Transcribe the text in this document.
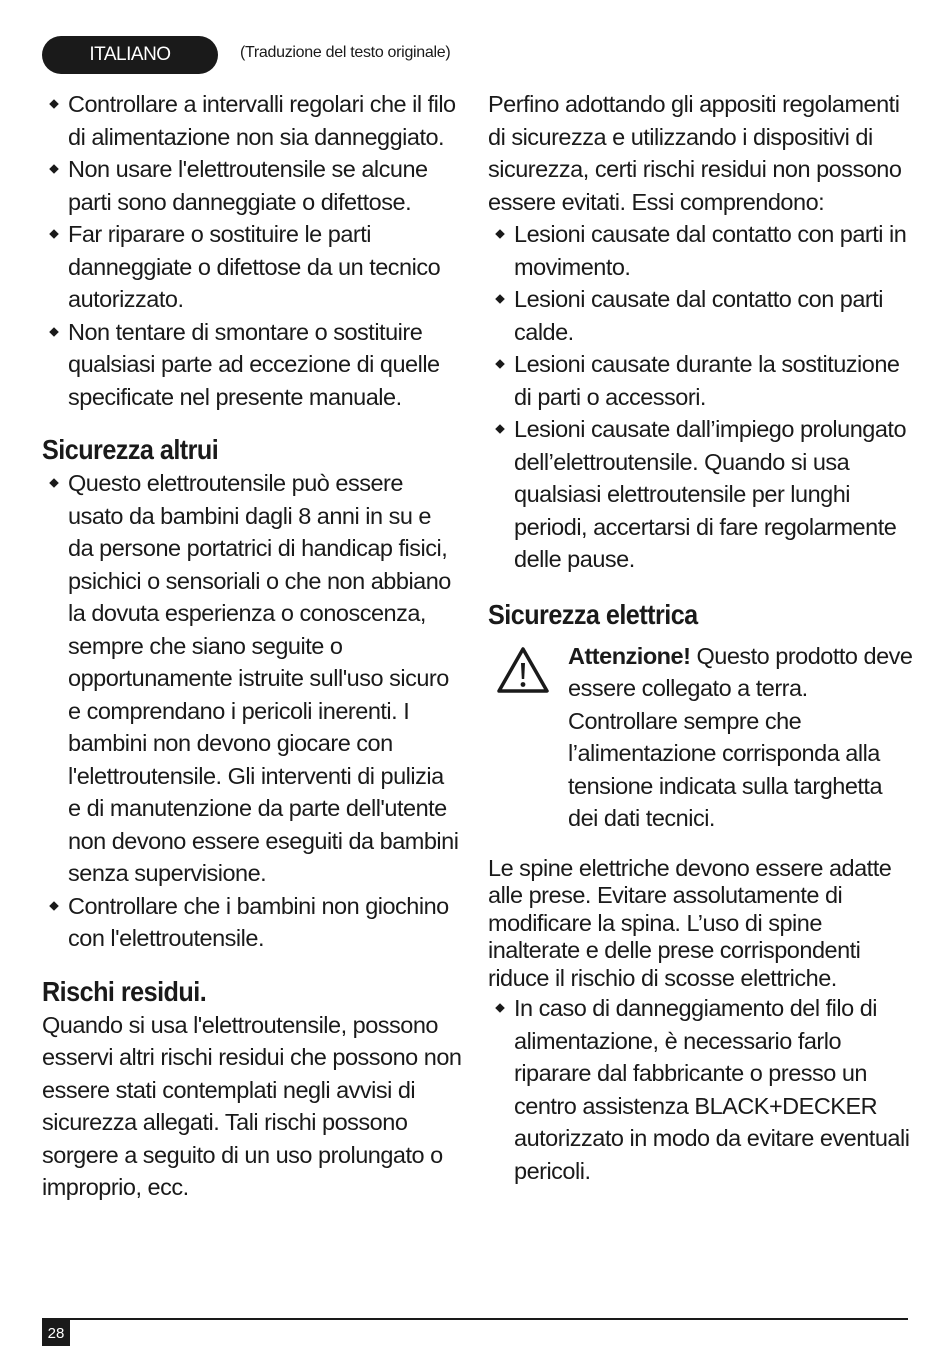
ITALIANO	(Traduzione del testo originale)
Controllare a intervalli regolari che il filo di alimentazione non sia danneggiato.
Non usare l'elettroutensile se alcune parti sono danneggiate o difettose.
Far riparare o sostituire le parti danneggiate o difettose da un tecnico autorizzato.
Non tentare di smontare o sostituire qualsiasi parte ad eccezione di quelle specificate nel presente manuale.
Sicurezza altrui
Questo elettroutensile può essere usato da bambini dagli 8 anni in su e da persone portatrici di handicap fisici, psichici o sensoriali o che non abbiano la dovuta esperienza o conoscenza, sempre che siano seguite o opportunamente istruite sull'uso sicuro e comprendano i pericoli inerenti. I bambini non devono giocare con l'elettroutensile. Gli interventi di pulizia e di manutenzione da parte dell'utente non devono essere eseguiti da bambini senza supervisione.
Controllare che i bambini non giochino con l'elettroutensile.
Rischi residui.

Quando si usa l'elettroutensile, possono esservi altri rischi residui che possono non essere stati contemplati negli avvisi di sicurezza allegati. Tali rischi possono sorgere a seguito di un uso prolungato o improprio, ecc.

Perfino adottando gli appositi regolamenti di sicurezza e utilizzando i dispositivi di sicurezza, certi rischi residui non possono essere evitati. Essi comprendono:

Lesioni causate dal contatto con parti in movimento.
Lesioni causate dal contatto con parti calde.
Lesioni causate durante la sostituzione di parti o accessori.
Lesioni causate dall’impiego prolungato dell’elettroutensile. Quando si usa qualsiasi elettroutensile per lunghi periodi, accertarsi di fare regolarmente delle pause.
Sicurezza elettrica

Attenzione! Questo prodotto deve essere collegato a terra. Controllare sempre che l’alimentazione corrisponda alla tensione indicata sulla targhetta dei dati tecnici.

Le spine elettriche devono essere adatte alle prese. Evitare assolutamente di modificare la spina. L’uso di spine inalterate e delle prese corrispondenti riduce il rischio di scosse elettriche.

In caso di danneggiamento del filo di alimentazione, è necessario farlo riparare dal fabbricante o presso un centro assistenza BLACK+DECKER autorizzato in modo da evitare eventuali pericoli.
28
